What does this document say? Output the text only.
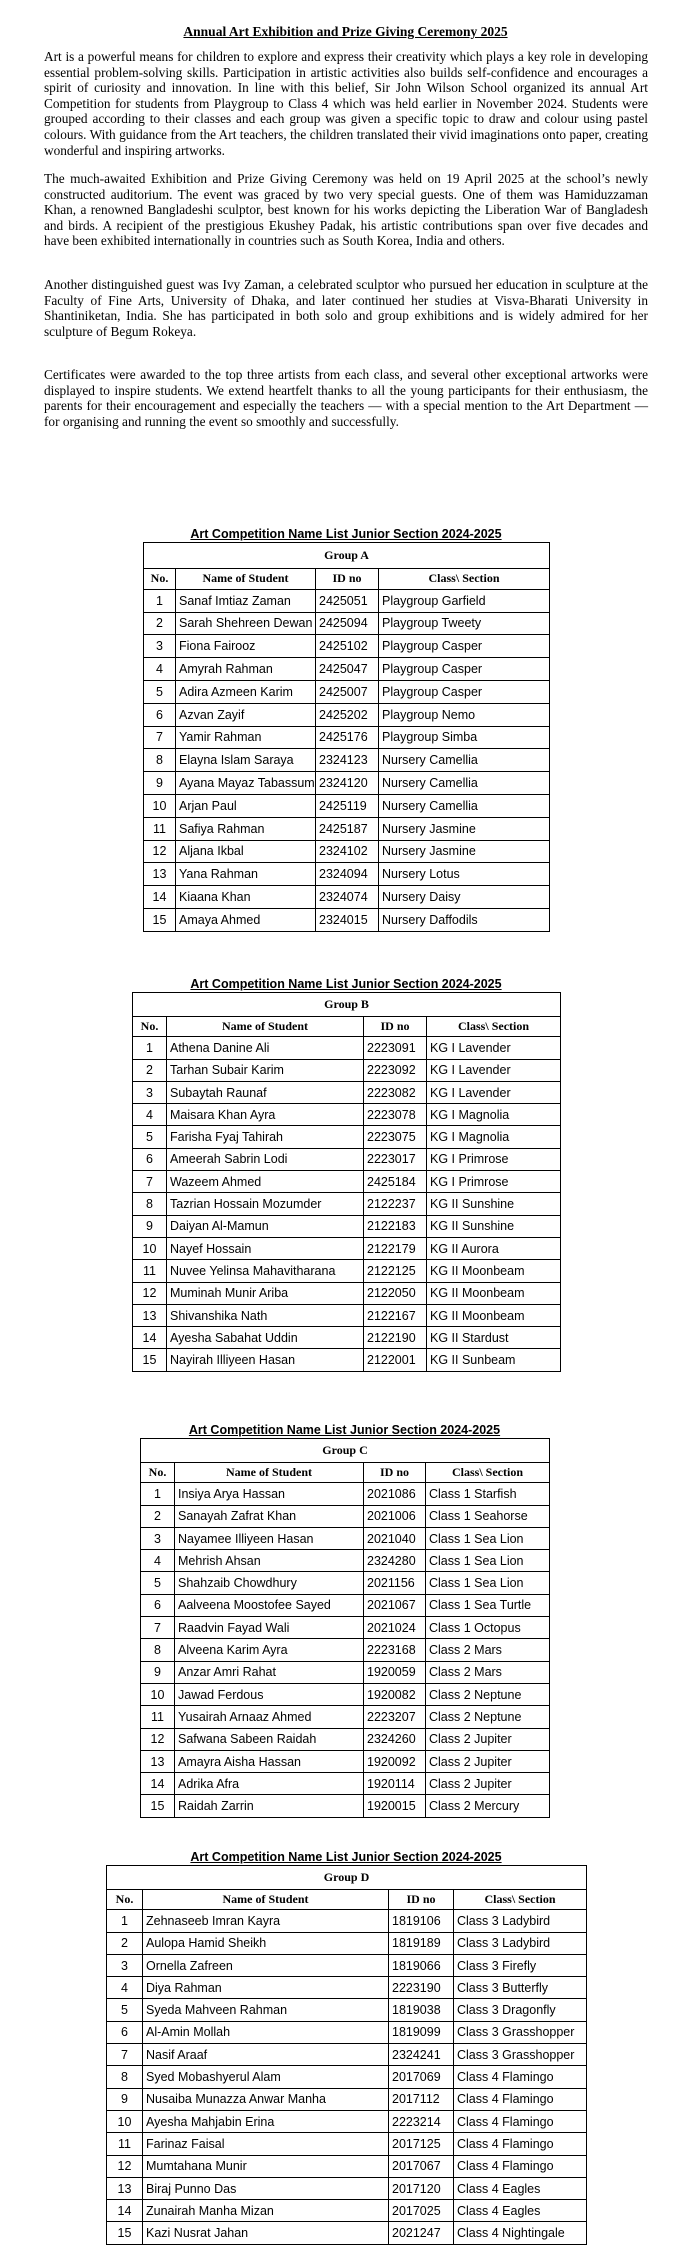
Annual Art Exhibition and Prize Giving Ceremony 2025

Art is a powerful means for children to explore and express their creativity which plays a key role in developing essential problem-solving skills. Participation in artistic activities also builds self-confidence and encourages a spirit of curiosity and innovation. In line with this belief, Sir John Wilson School organized its annual Art Competition for students from Playgroup to Class 4 which was held earlier in November 2024. Students were grouped according to their classes and each group was given a specific topic to draw and colour using pastel colours. With guidance from the Art teachers, the children translated their vivid imaginations onto paper, creating wonderful and inspiring artworks.

The much-awaited Exhibition and Prize Giving Ceremony was held on 19 April 2025 at the school’s newly constructed auditorium. The event was graced by two very special guests. One of them was Hamiduzzaman Khan, a renowned Bangladeshi sculptor, best known for his works depicting the Liberation War of Bangladesh and birds. A recipient of the prestigious Ekushey Padak, his artistic contributions span over five decades and have been exhibited internationally in countries such as South Korea, India and others.

Another distinguished guest was Ivy Zaman, a celebrated sculptor who pursued her education in sculpture at the Faculty of Fine Arts, University of Dhaka, and later continued her studies at Visva-Bharati University in Shantiniketan, India. She has participated in both solo and group exhibitions and is widely admired for her sculpture of Begum Rokeya.

Certificates were awarded to the top three artists from each class, and several other exceptional artworks were displayed to inspire students. We extend heartfelt thanks to all the young participants for their enthusiasm, the parents for their encouragement and especially the teachers — with a special mention to the Art Department — for organising and running the event so smoothly and successfully.

Art Competition Name List Junior Section 2024-2025
Group A			
No.	Name of Student	ID no	Class\ Section
1	Sanaf Imtiaz Zaman	2425051	Playgroup Garfield
2	Sarah Shehreen Dewan	2425094	Playgroup Tweety
3	Fiona Fairooz	2425102	Playgroup Casper
4	Amyrah Rahman	2425047	Playgroup Casper
5	Adira Azmeen Karim	2425007	Playgroup Casper
6	Azvan Zayif	2425202	Playgroup Nemo
7	Yamir Rahman	2425176	Playgroup Simba
8	Elayna Islam Saraya	2324123	Nursery Camellia
9	Ayana Mayaz Tabassum	2324120	Nursery Camellia
10	Arjan Paul	2425119	Nursery Camellia
11	Safiya Rahman	2425187	Nursery Jasmine
12	Aljana Ikbal	2324102	Nursery Jasmine
13	Yana Rahman	2324094	Nursery Lotus
14	Kiaana Khan	2324074	Nursery Daisy
15	Amaya Ahmed	2324015	Nursery Daffodils
Art Competition Name List Junior Section 2024-2025
Group B			
No.	Name of Student	ID no	Class\ Section
1	Athena Danine Ali	2223091	KG I Lavender
2	Tarhan Subair Karim	2223092	KG I Lavender
3	Subaytah Raunaf	2223082	KG I Lavender
4	Maisara Khan Ayra	2223078	KG I Magnolia
5	Farisha Fyaj Tahirah	2223075	KG I Magnolia
6	Ameerah Sabrin Lodi	2223017	KG I Primrose
7	Wazeem Ahmed	2425184	KG I Primrose
8	Tazrian Hossain Mozumder	2122237	KG II Sunshine
9	Daiyan Al-Mamun	2122183	KG II Sunshine
10	Nayef Hossain	2122179	KG II Aurora
11	Nuvee Yelinsa Mahavitharana	2122125	KG II Moonbeam
12	Muminah Munir Ariba	2122050	KG II Moonbeam
13	Shivanshika Nath	2122167	KG II Moonbeam
14	Ayesha Sabahat Uddin	2122190	KG II Stardust
15	Nayirah Illiyeen Hasan	2122001	KG II Sunbeam
Art Competition Name List Junior Section 2024-2025
Group C			
No.	Name of Student	ID no	Class\ Section
1	Insiya Arya Hassan	2021086	Class 1 Starfish
2	Sanayah Zafrat Khan	2021006	Class 1 Seahorse
3	Nayamee Illiyeen Hasan	2021040	Class 1 Sea Lion
4	Mehrish Ahsan	2324280	Class 1 Sea Lion
5	Shahzaib Chowdhury	2021156	Class 1 Sea Lion
6	Aalveena Moostofee Sayed	2021067	Class 1 Sea Turtle
7	Raadvin Fayad Wali	2021024	Class 1 Octopus
8	Alveena Karim Ayra	2223168	Class 2 Mars
9	Anzar Amri Rahat	1920059	Class 2 Mars
10	Jawad Ferdous	1920082	Class 2 Neptune
11	Yusairah Arnaaz Ahmed	2223207	Class 2 Neptune
12	Safwana Sabeen Raidah	2324260	Class 2 Jupiter
13	Amayra Aisha Hassan	1920092	Class 2 Jupiter
14	Adrika Afra	1920114	Class 2 Jupiter
15	Raidah Zarrin	1920015	Class 2 Mercury
Art Competition Name List Junior Section 2024-2025
Group D			
No.	Name of Student	ID no	Class\ Section
1	Zehnaseeb Imran Kayra	1819106	Class 3 Ladybird
2	Aulopa Hamid Sheikh	1819189	Class 3 Ladybird
3	Ornella Zafreen	1819066	Class 3 Firefly
4	Diya Rahman	2223190	Class 3 Butterfly
5	Syeda Mahveen Rahman	1819038	Class 3 Dragonfly
6	Al-Amin Mollah	1819099	Class 3 Grasshopper
7	Nasif Araaf	2324241	Class 3 Grasshopper
8	Syed Mobashyerul Alam	2017069	Class 4 Flamingo
9	Nusaiba Munazza Anwar Manha	2017112	Class 4 Flamingo
10	Ayesha Mahjabin Erina	2223214	Class 4 Flamingo
11	Farinaz Faisal	2017125	Class 4 Flamingo
12	Mumtahana Munir	2017067	Class 4 Flamingo
13	Biraj Punno Das	2017120	Class 4 Eagles
14	Zunairah Manha Mizan	2017025	Class 4 Eagles
15	Kazi Nusrat Jahan	2021247	Class 4 Nightingale
